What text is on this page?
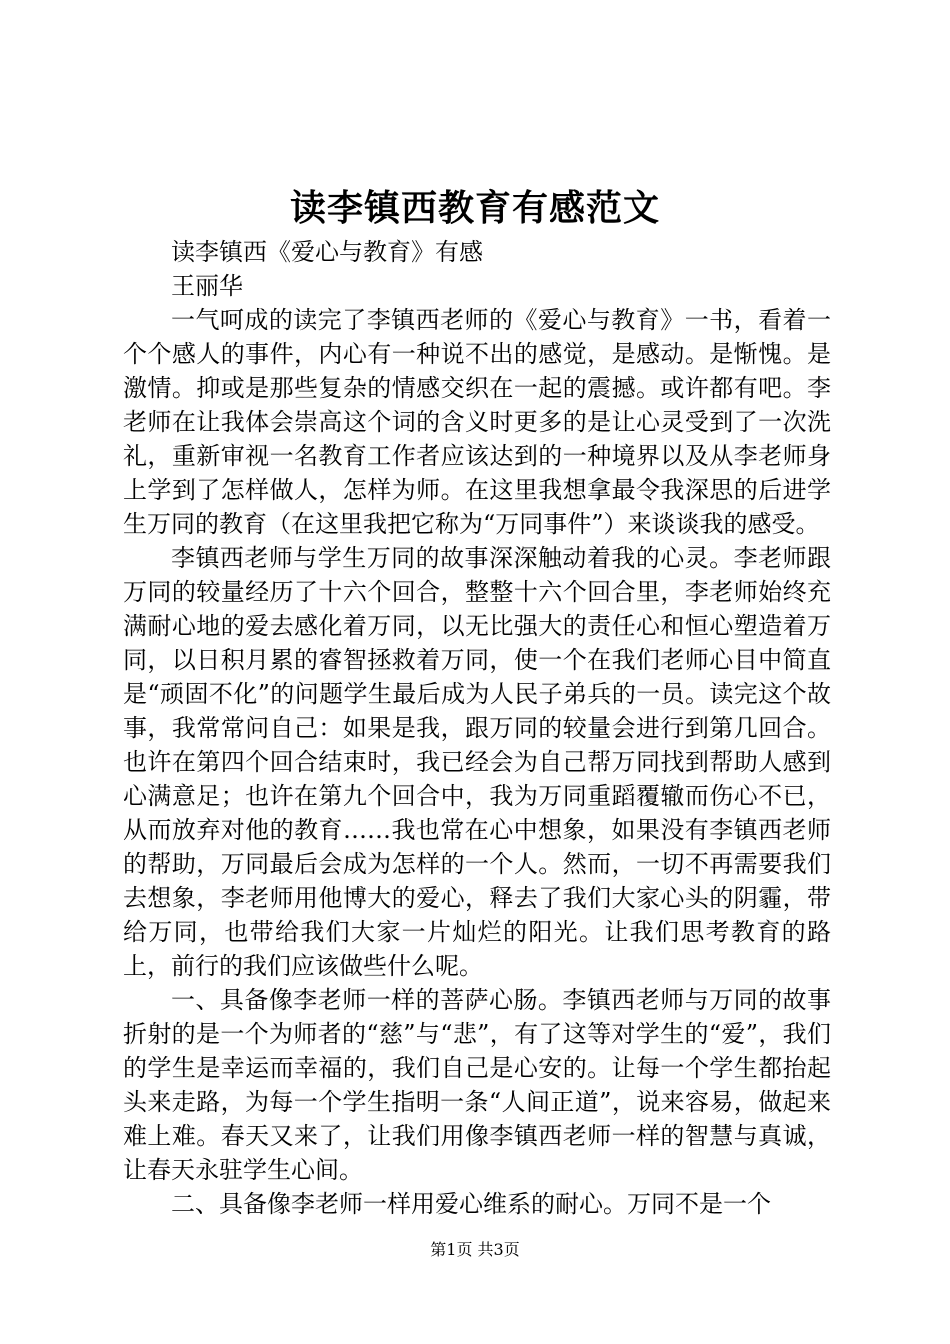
读李镇西教育有感范文

读李镇西《爱心与教育》有感

王丽华

一气呵成的读完了李镇西老师的《爱心与教育》一书，看着一个个感人的事件，内心有一种说不出的感觉，是感动。是惭愧。是激情。抑或是那些复杂的情感交织在一起的震撼。或许都有吧。李老师在让我体会崇高这个词的含义时更多的是让心灵受到了一次洗礼，重新审视一名教育工作者应该达到的一种境界以及从李老师身上学到了怎样做人，怎样为师。在这里我想拿最令我深思的后进学生万同的教育（在这里我把它称为“万同事件”）来谈谈我的感受。

李镇西老师与学生万同的故事深深触动着我的心灵。李老师跟万同的较量经历了十六个回合，整整十六个回合里，李老师始终充满耐心地的爱去感化着万同，以无比强大的责任心和恒心塑造着万同，以日积月累的睿智拯救着万同，使一个在我们老师心目中简直是“顽固不化”的问题学生最后成为人民子弟兵的一员。读完这个故事，我常常问自己：如果是我，跟万同的较量会进行到第几回合。也许在第四个回合结束时，我已经会为自己帮万同找到帮助人感到心满意足；也许在第九个回合中，我为万同重蹈覆辙而伤心不已，从而放弃对他的教育……我也常在心中想象，如果没有李镇西老师的帮助，万同最后会成为怎样的一个人。然而，一切不再需要我们去想象，李老师用他博大的爱心，释去了我们大家心头的阴霾，带给万同，也带给我们大家一片灿烂的阳光。让我们思考教育的路上，前行的我们应该做些什么呢。

一、具备像李老师一样的菩萨心肠。李镇西老师与万同的故事折射的是一个为师者的“慈”与“悲”，有了这等对学生的“爱”，我们的学生是幸运而幸福的，我们自己是心安的。让每一个学生都抬起头来走路，为每一个学生指明一条“人间正道”，说来容易，做起来难上难。春天又来了，让我们用像李镇西老师一样的智慧与真诚，让春天永驻学生心间。

二、具备像李老师一样用爱心维系的耐心。万同不是一个

第1页 共3页
